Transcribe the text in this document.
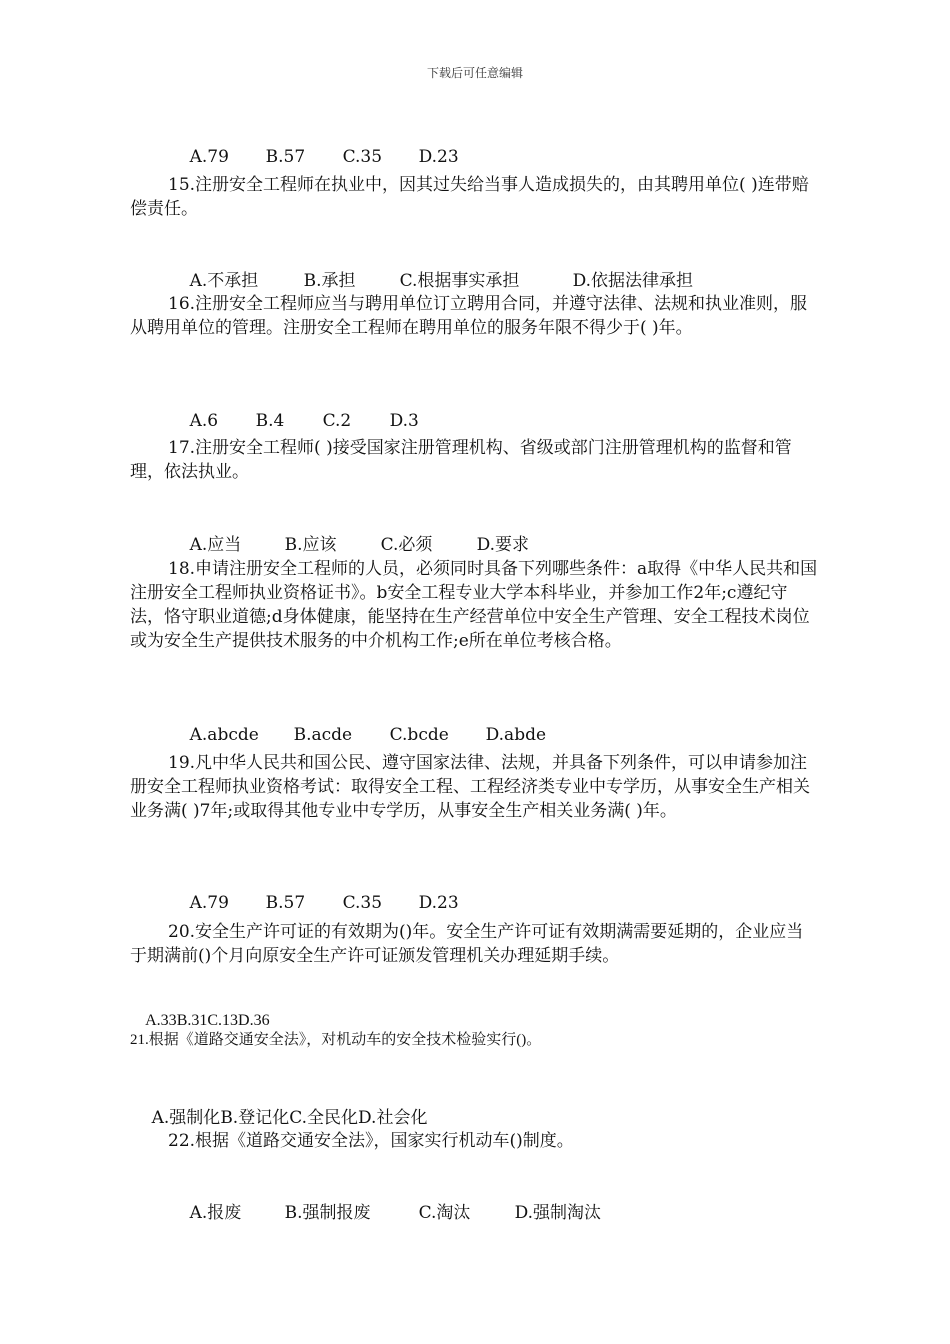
下载后可任意编辑

A.79 B.57 C.35 D.23

15.注册安全工程师在执业中，因其过失给当事人造成损失的，由其聘用单位( )连带赔偿责任。

A.不承担	B.承担	C.根据事实承担	D.依据法律承担

16.注册安全工程师应当与聘用单位订立聘用合同，并遵守法律、法规和执业准则，服从聘用单位的管理。注册安全工程师在聘用单位的服务年限不得少于( )年。

A.6 B.4 C.2 D.3

17.注册安全工程师( )接受国家注册管理机构、省级或部门注册管理机构的监督和管理，依法执业。

A.应当	B.应该	C.必须	D.要求

18.申请注册安全工程师的人员，必须同时具备下列哪些条件：a取得《中华人民共和国注册安全工程师执业资格证书》。b安全工程专业大学本科毕业，并参加工作2年;c遵纪守法，恪守职业道德;d身体健康，能坚持在生产经营单位中安全生产管理、安全工程技术岗位或为安全生产提供技术服务的中介机构工作;e所在单位考核合格。

A.abcde B.acde C.bcde D.abde

19.凡中华人民共和国公民、遵守国家法律、法规，并具备下列条件，可以申请参加注册安全工程师执业资格考试：取得安全工程、工程经济类专业中专学历，从事安全生产相关业务满( )7年;或取得其他专业中专学历，从事安全生产相关业务满( )年。

A.79 B.57 C.35 D.23

20.安全生产许可证的有效期为()年。安全生产许可证有效期满需要延期的，企业应当于期满前()个月向原安全生产许可证颁发管理机关办理延期手续。

A.33B.31C.13D.36

21.根据《道路交通安全法》，对机动车的安全技术检验实行()。

A.强制化B.登记化C.全民化D.社会化

22.根据《道路交通安全法》，国家实行机动车()制度。

A.报废	B.强制报废	C.淘汰	D.强制淘汰
